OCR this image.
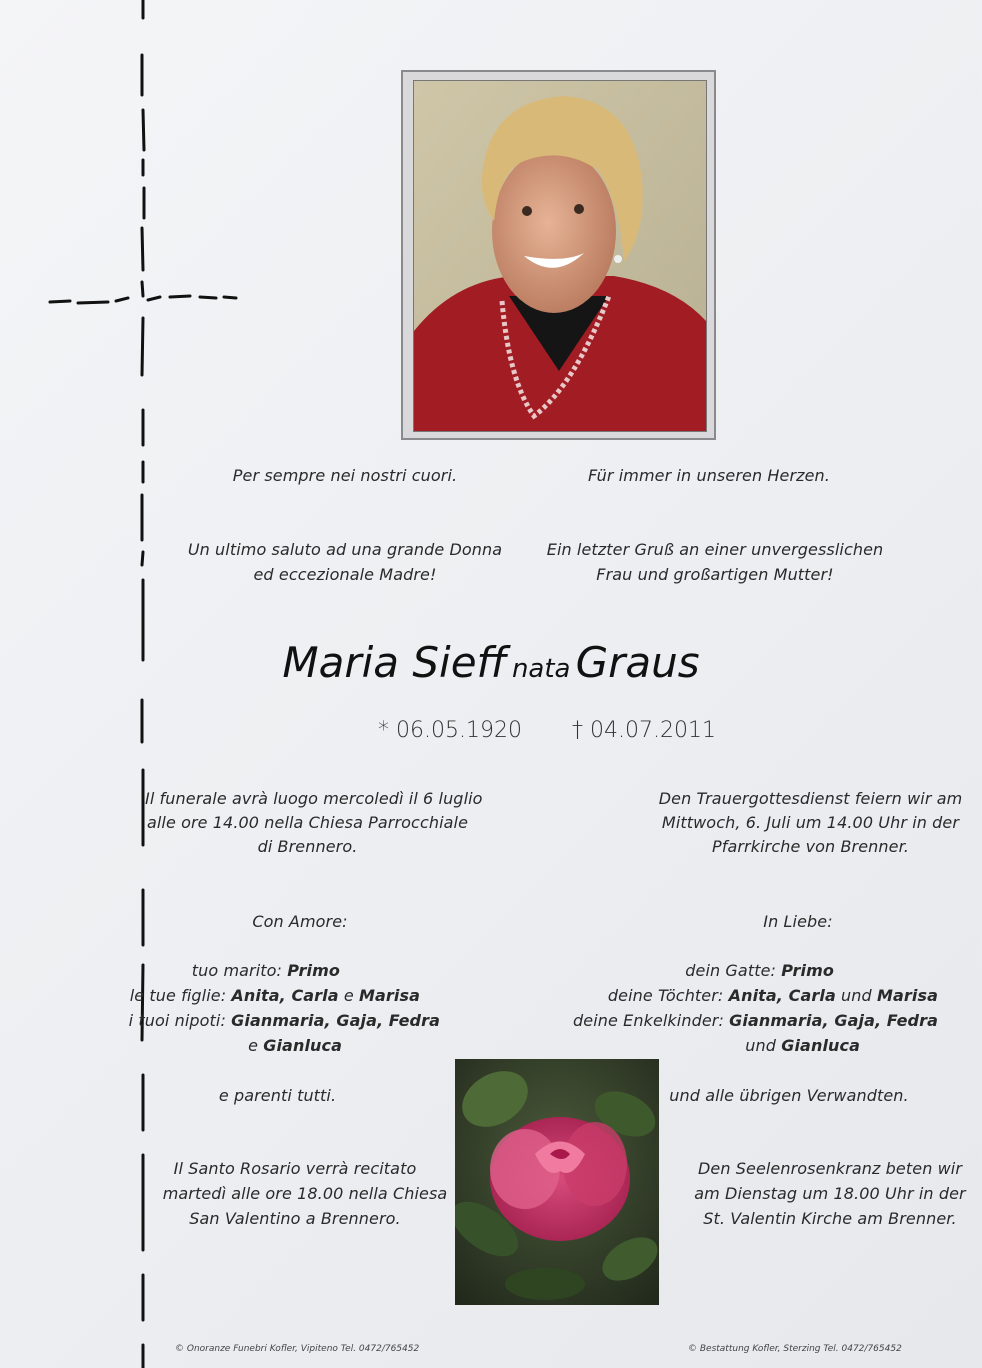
Per sempre nei nostri cuori.	Für immer in unseren Herzen.
Un ultimo saluto ad una grande Donna
ed eccezionale Madre!
Ein letzter Gruß an einer unvergesslichen
Frau und großartigen Mutter!
Maria Sieff nata Graus
* 06.05.1920 † 04.07.2011
Il funerale avrà luogo mercoledì il 6 luglio
alle ore 14.00 nella Chiesa Parrocchiale
di Brennero.
Den Trauergottesdienst feiern wir am
Mittwoch, 6. Juli um 14.00 Uhr in der
Pfarrkirche von Brenner.
Con Amore:	In Liebe:
tuo marito: Primo
le tue figlie: Anita, Carla e Marisa
i tuoi nipoti: Gianmaria, Gaja, Fedra
e Gianluca
dein Gatte: Primo
deine Töchter: Anita, Carla und Marisa
deine Enkelkinder: Gianmaria, Gaja, Fedra
und Gianluca
e parenti tutti.	und alle übrigen Verwandten.
Il Santo Rosario verrà recitato
martedì alle ore 18.00 nella Chiesa
San Valentino a Brennero.
Den Seelenrosenkranz beten wir
am Dienstag um 18.00 Uhr in der
St. Valentin Kirche am Brenner.
© Onoranze Funebri Kofler, Vipiteno Tel. 0472/765452	© Bestattung Kofler, Sterzing Tel. 0472/765452
